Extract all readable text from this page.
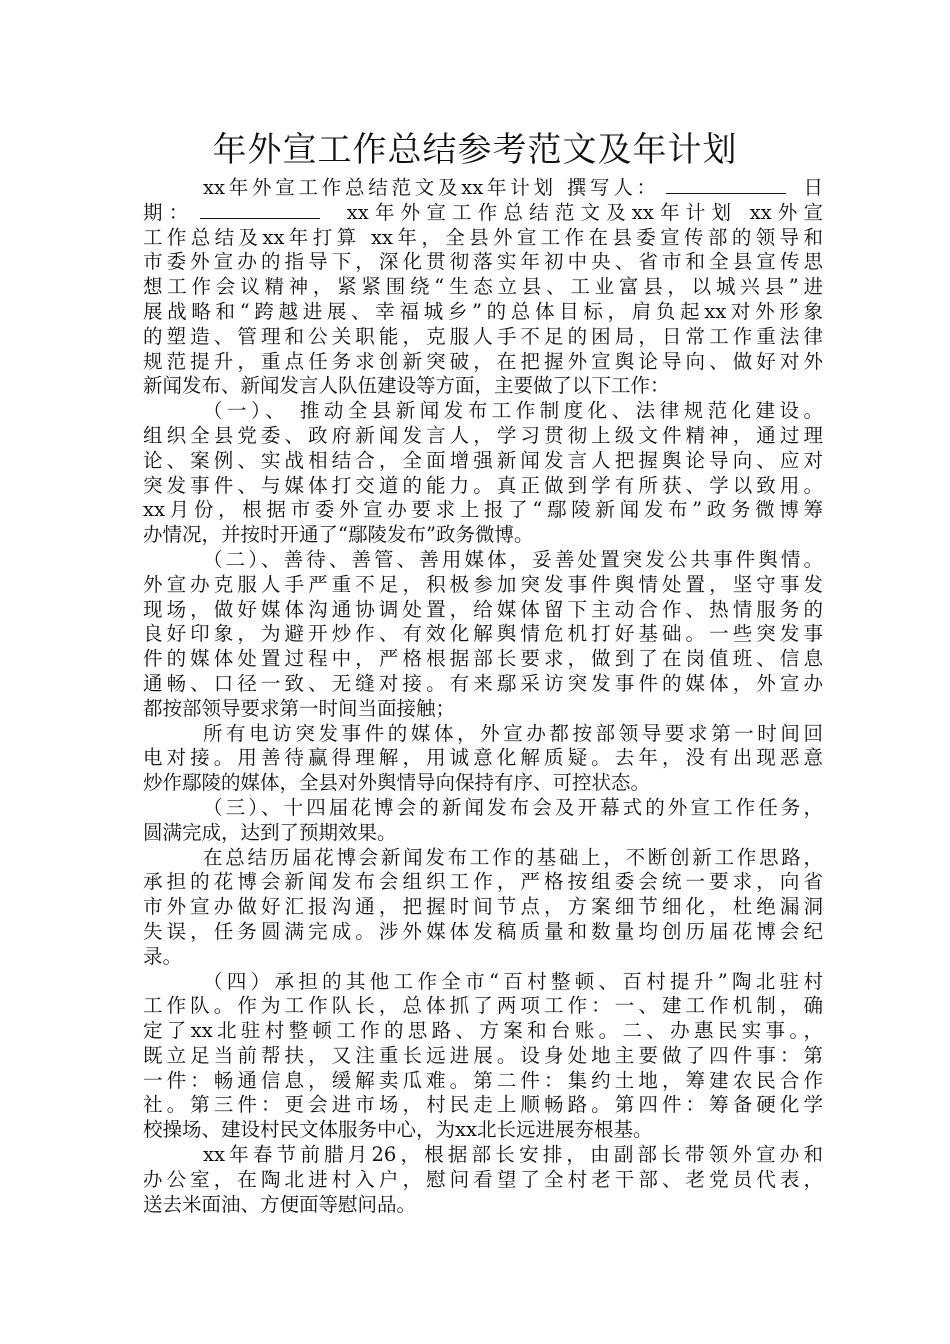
年外宣工作总结参考范文及年计划
xx年外宣工作总结范文及xx年计划 撰写人：	日
期：	xx年外宣工作总结范文及xx年计划 xx外宣
工作总结及xx年打算 xx年，全县外宣工作在县委宣传部的领导和
市委外宣办的指导下，深化贯彻落实年初中央、省市和全县宣传思
想工作会议精神，紧紧围绕“生态立县、工业富县，以城兴县”进
展战略和“跨越进展、幸福城乡”的总体目标，肩负起xx对外形象
的塑造、管理和公关职能，克服人手不足的困局，日常工作重法律
规范提升，重点任务求创新突破，在把握外宣舆论导向、做好对外
新闻发布、新闻发言人队伍建设等方面，主要做了以下工作：
（一）、 推动全县新闻发布工作制度化、法律规范化建设。
组织全县党委、政府新闻发言人，学习贯彻上级文件精神，通过理
论、案例、实战相结合，全面增强新闻发言人把握舆论导向、应对
突发事件、与媒体打交道的能力。真正做到学有所获、学以致用。
xx月份，根据市委外宣办要求上报了“鄢陵新闻发布”政务微博筹
办情况，并按时开通了“鄢陵发布”政务微博。
（二）、善待、善管、善用媒体，妥善处置突发公共事件舆情。
外宣办克服人手严重不足，积极参加突发事件舆情处置，坚守事发
现场，做好媒体沟通协调处置，给媒体留下主动合作、热情服务的
良好印象，为避开炒作、有效化解舆情危机打好基础。一些突发事
件的媒体处置过程中，严格根据部长要求，做到了在岗值班、信息
通畅、口径一致、无缝对接。有来鄢采访突发事件的媒体，外宣办
都按部领导要求第一时间当面接触；
所有电访突发事件的媒体，外宣办都按部领导要求第一时间回
电对接。用善待赢得理解，用诚意化解质疑。去年，没有出现恶意
炒作鄢陵的媒体，全县对外舆情导向保持有序、可控状态。
（三）、十四届花博会的新闻发布会及开幕式的外宣工作任务，
圆满完成，达到了预期效果。
在总结历届花博会新闻发布工作的基础上，不断创新工作思路，
承担的花博会新闻发布会组织工作，严格按组委会统一要求，向省
市外宣办做好汇报沟通，把握时间节点，方案细节细化，杜绝漏洞
失误，任务圆满完成。涉外媒体发稿质量和数量均创历届花博会纪
录。
（四）承担的其他工作全市“百村整顿、百村提升”陶北驻村
工作队。作为工作队长，总体抓了两项工作：一、建工作机制，确
定了xx北驻村整顿工作的思路、方案和台账。二、办惠民实事。，
既立足当前帮扶，又注重长远进展。设身处地主要做了四件事：第
一件：畅通信息，缓解卖瓜难。第二件：集约土地，筹建农民合作
社。第三件：更会进市场，村民走上顺畅路。第四件：筹备硬化学
校操场、建设村民文体服务中心，为xx北长远进展夯根基。
xx年春节前腊月26，根据部长安排，由副部长带领外宣办和
办公室，在陶北进村入户，慰问看望了全村老干部、老党员代表，
送去米面油、方便面等慰问品。
